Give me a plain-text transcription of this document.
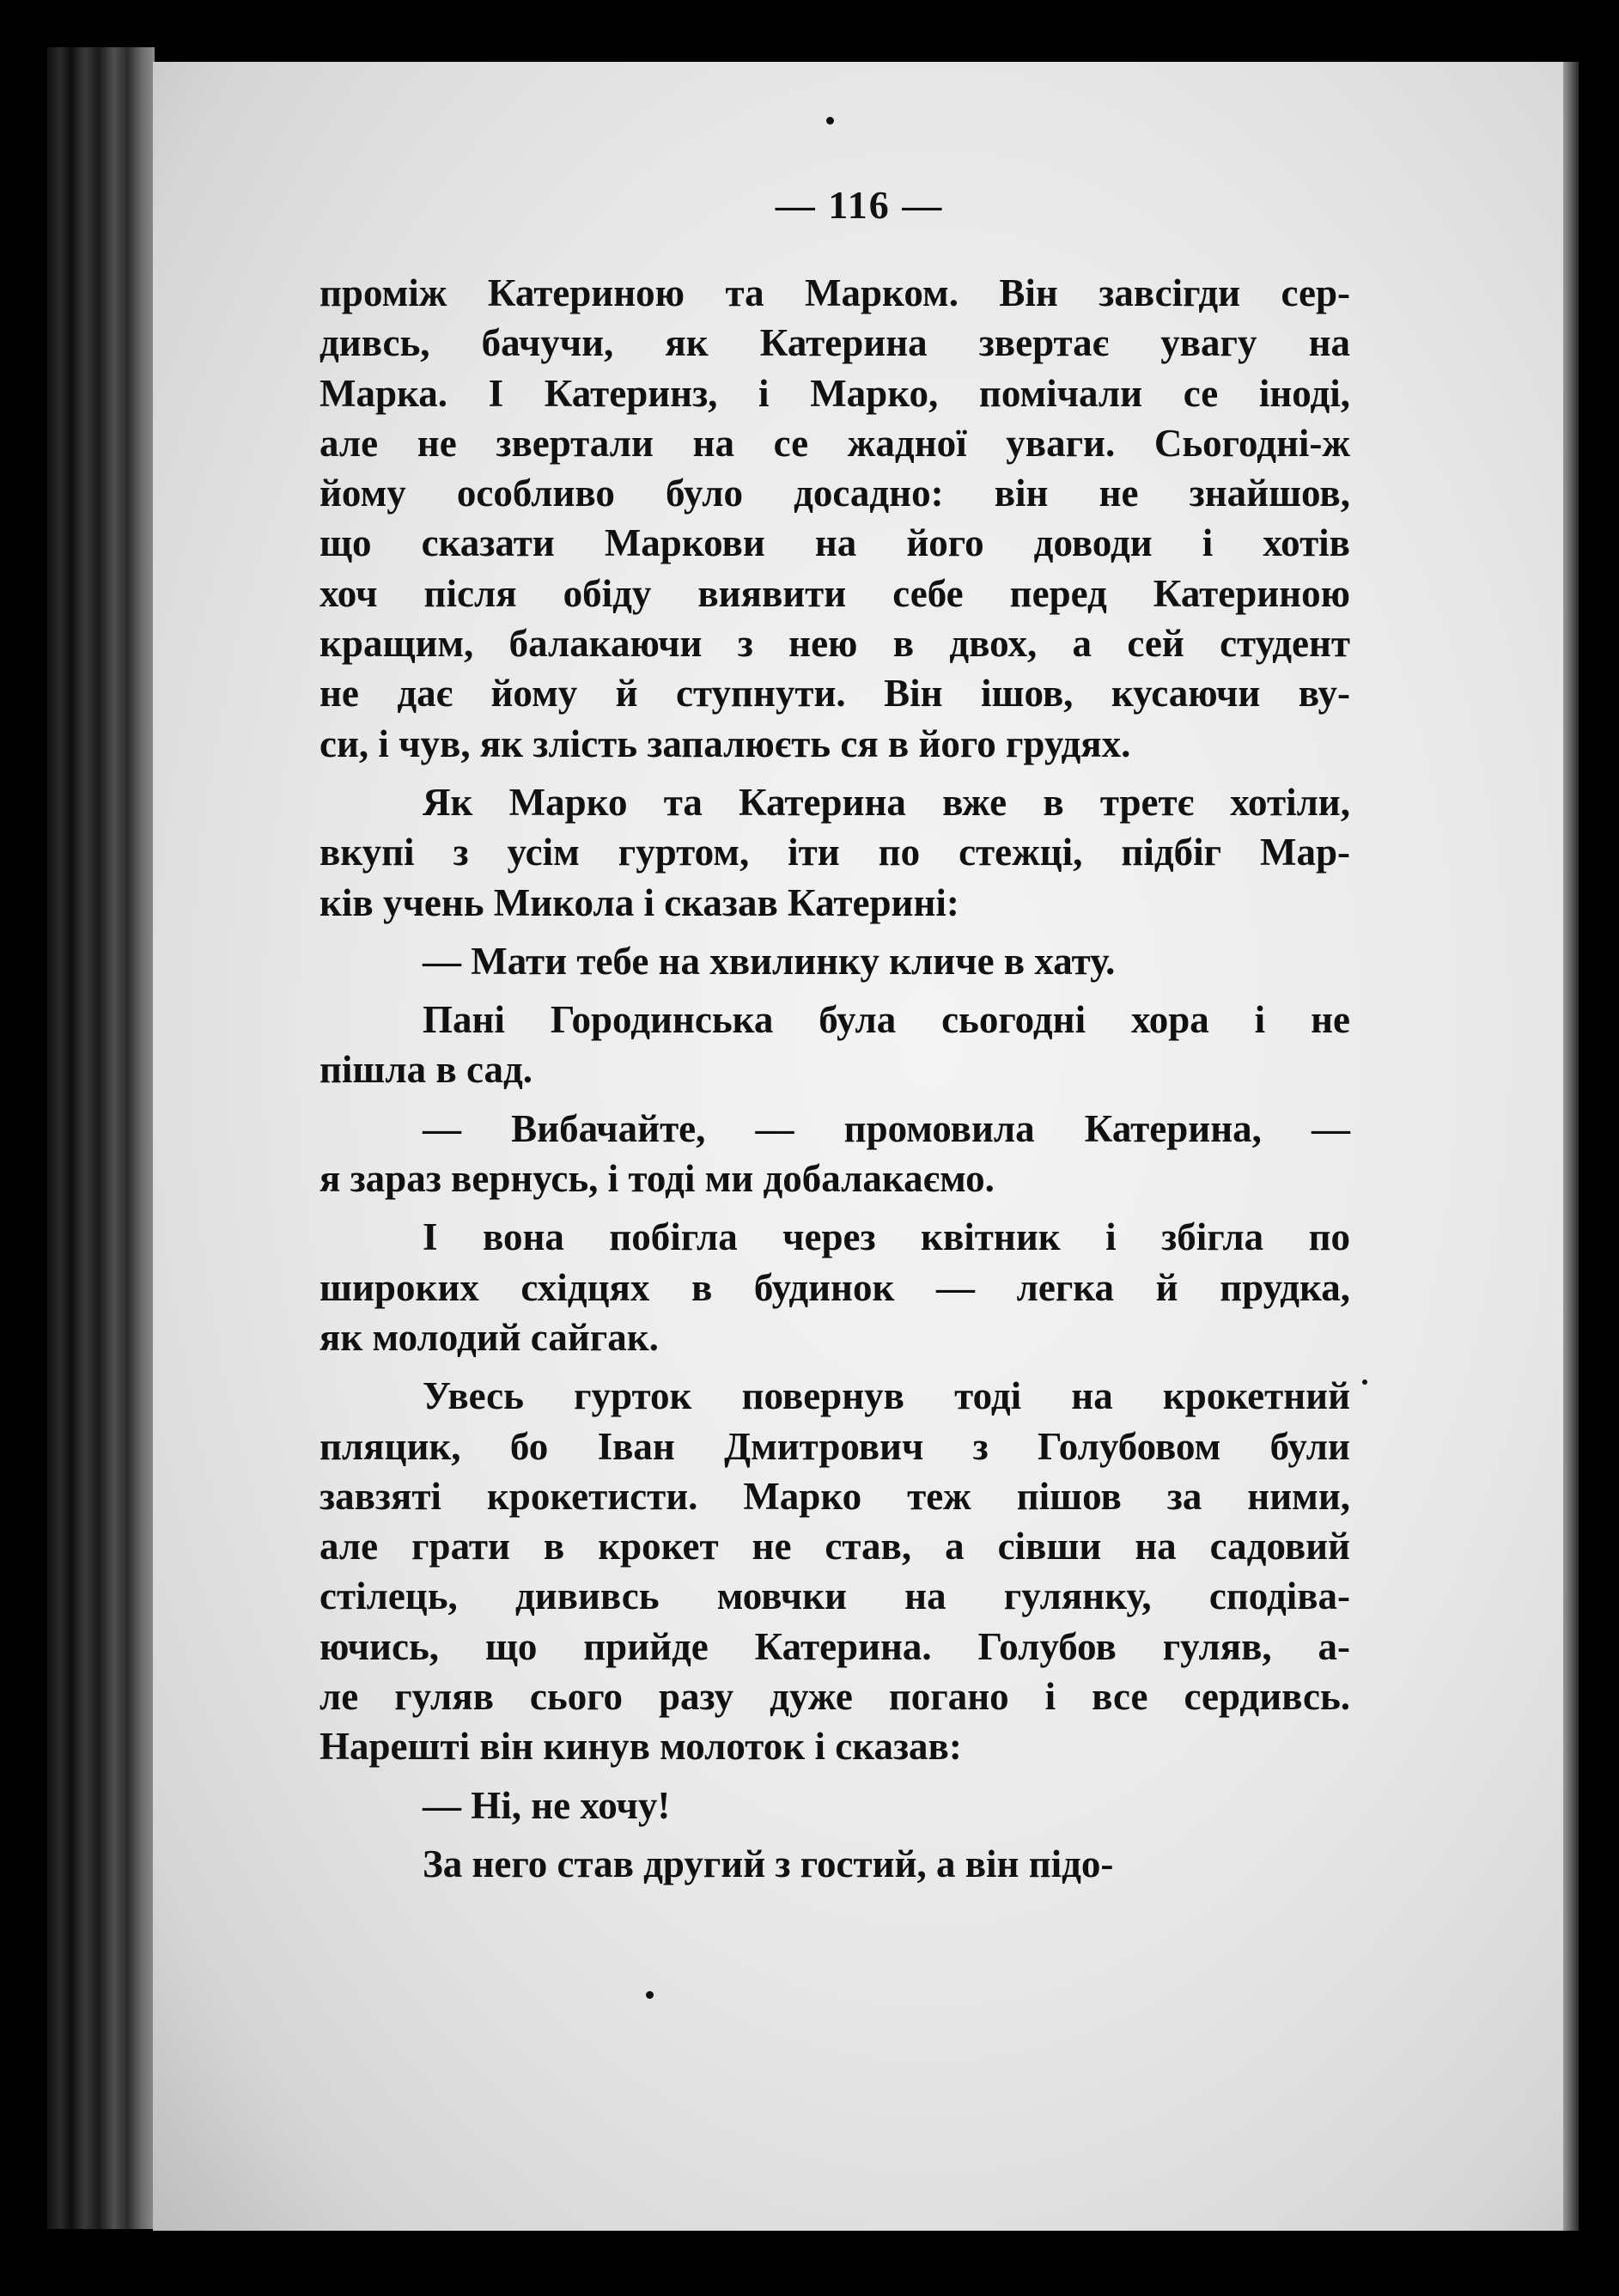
— 116 —
проміж Катериною та Марком. Він завсігди сер-
дивсь, бачучи, як Катерина звертає увагу на
Марка. І Катеринз, і Марко, помічали се іноді,
але не звертали на се жадної уваги. Сьогодні-ж
йому особливо було досадно: він не знайшов,
що сказати Маркови на його доводи і хотів
хоч після обіду виявити себе перед Катериною
кращим, балакаючи з нею в двох, а сей студент
не дає йому й ступнути. Він ішов, кусаючи ву-
си, і чув, як злість запалюєть ся в його грудях.
Як Марко та Катерина вже в третє хотіли,
вкупі з усім гуртом, іти по стежці, підбіг Мар-
ків учень Микола і сказав Катерині:
— Мати тебе на хвилинку кличе в хату.
Пані Городинська була сьогодні хора і не
пішла в сад.
— Вибачайте, — промовила Катерина, —
я зараз вернусь, і тоді ми добалакаємо.
І вона побігла через квітник і збігла по
широких східцях в будинок — легка й прудка,
як молодий сайгак.
Увесь гурток повернув тоді на крокетний
пляцик, бо Іван Дмитрович з Голубовом були
завзяті крокетисти. Марко теж пішов за ними,
але грати в крокет не став, а сівши на садовий
стілець, дививсь мовчки на гулянку, сподіва-
ючись, що прийде Катерина. Голубов гуляв, а-
ле гуляв сього разу дуже погано і все сердивсь.
Нарешті він кинув молоток і сказав:
— Ні, не хочу!
За него став другий з гостий, а він підо-
